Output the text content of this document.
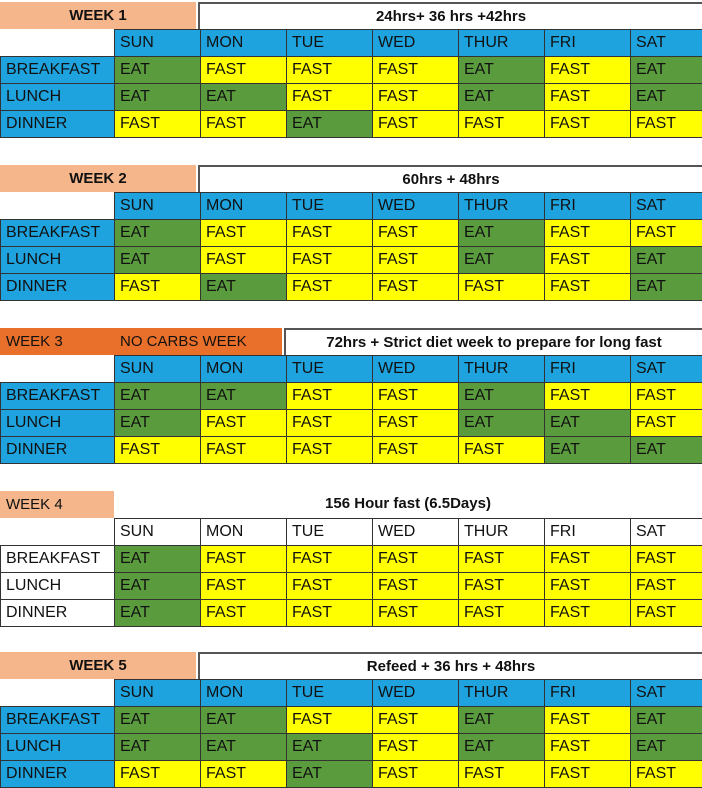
WEEK 1	24hrs+ 36 hrs +42hrs
	SUN	MON	TUE	WED	THUR	FRI	SAT
BREAKFAST	EAT	FAST	FAST	FAST	EAT	FAST	EAT
LUNCH	EAT	EAT	FAST	FAST	EAT	FAST	EAT
DINNER	FAST	FAST	EAT	FAST	FAST	FAST	FAST
WEEK 2	60hrs + 48hrs
	SUN	MON	TUE	WED	THUR	FRI	SAT
BREAKFAST	EAT	FAST	FAST	FAST	EAT	FAST	FAST
LUNCH	EAT	FAST	FAST	FAST	EAT	FAST	EAT
DINNER	FAST	EAT	FAST	FAST	FAST	FAST	EAT
WEEK 3	NO CARBS WEEK	72hrs + Strict diet week to prepare for long fast
	SUN	MON	TUE	WED	THUR	FRI	SAT
BREAKFAST	EAT	EAT	FAST	FAST	EAT	FAST	FAST
LUNCH	EAT	FAST	FAST	FAST	EAT	EAT	FAST
DINNER	FAST	FAST	FAST	FAST	FAST	EAT	EAT
WEEK 4	156 Hour fast (6.5Days)
	SUN	MON	TUE	WED	THUR	FRI	SAT
BREAKFAST	EAT	FAST	FAST	FAST	FAST	FAST	FAST
LUNCH	EAT	FAST	FAST	FAST	FAST	FAST	FAST
DINNER	EAT	FAST	FAST	FAST	FAST	FAST	FAST
WEEK 5	Refeed + 36 hrs + 48hrs
	SUN	MON	TUE	WED	THUR	FRI	SAT
BREAKFAST	EAT	EAT	FAST	FAST	EAT	FAST	EAT
LUNCH	EAT	EAT	EAT	FAST	EAT	FAST	EAT
DINNER	FAST	FAST	EAT	FAST	FAST	FAST	FAST
